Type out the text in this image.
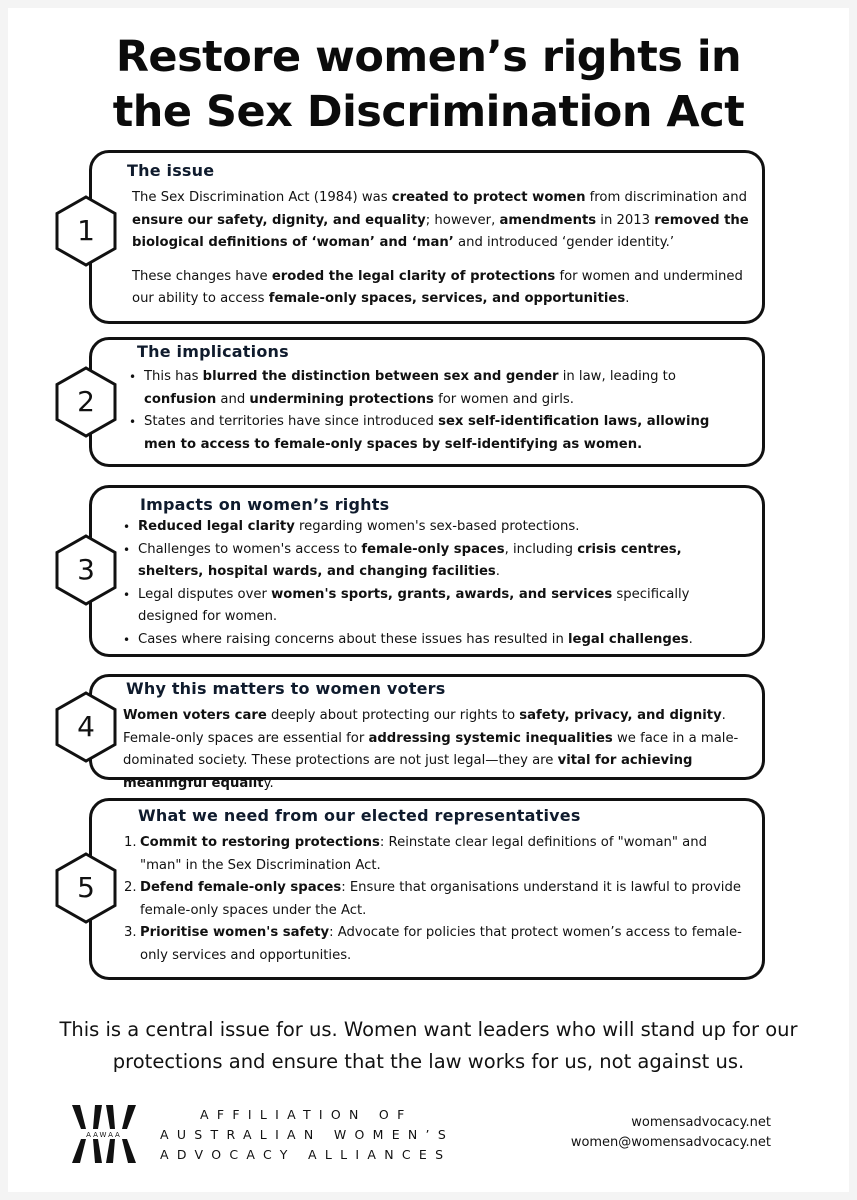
Restore women’s rights in
the Sex Discrimination Act
1
The issue

The Sex Discrimination Act (1984) was created to protect women from discrimination and ensure our safety, dignity, and equality; however, amendments in 2013 removed the biological definitions of ‘woman’ and ‘man’ and introduced ‘gender identity.’

These changes have eroded the legal clarity of protections for women and undermined our ability to access female-only spaces, services, and opportunities.

2
The implications
• This has blurred the distinction between sex and gender in law, leading to confusion and undermining protections for women and girls.
• States and territories have since introduced sex self-identification laws, allowing men to access to female-only spaces by self-identifying as women.
3
Impacts on women’s rights
• Reduced legal clarity regarding women's sex-based protections.
• Challenges to women's access to female-only spaces, including crisis centres, shelters, hospital wards, and changing facilities.
• Legal disputes over women's sports, grants, awards, and services specifically designed for women.
• Cases where raising concerns about these issues has resulted in legal challenges.
4
Why this matters to women voters

Women voters care deeply about protecting our rights to safety, privacy, and dignity. Female-only spaces are essential for addressing systemic inequalities we face in a male-dominated society. These protections are not just legal—they are vital for achieving meaningful equality.

5
What we need from our elected representatives
1. Commit to restoring protections: Reinstate clear legal definitions of "woman" and "man" in the Sex Discrimination Act.
2. Defend female-only spaces: Ensure that organisations understand it is lawful to provide female-only spaces under the Act.
3. Prioritise women's safety: Advocate for policies that protect women’s access to female-only services and opportunities.
This is a central issue for us. Women want leaders who will stand up for our
protections and ensure that the law works for us, not against us.
AAWAA
AFFILIATION OF
AUSTRALIAN WOMEN’S
ADVOCACY ALLIANCES
womensadvocacy.net
women@womensadvocacy.net
